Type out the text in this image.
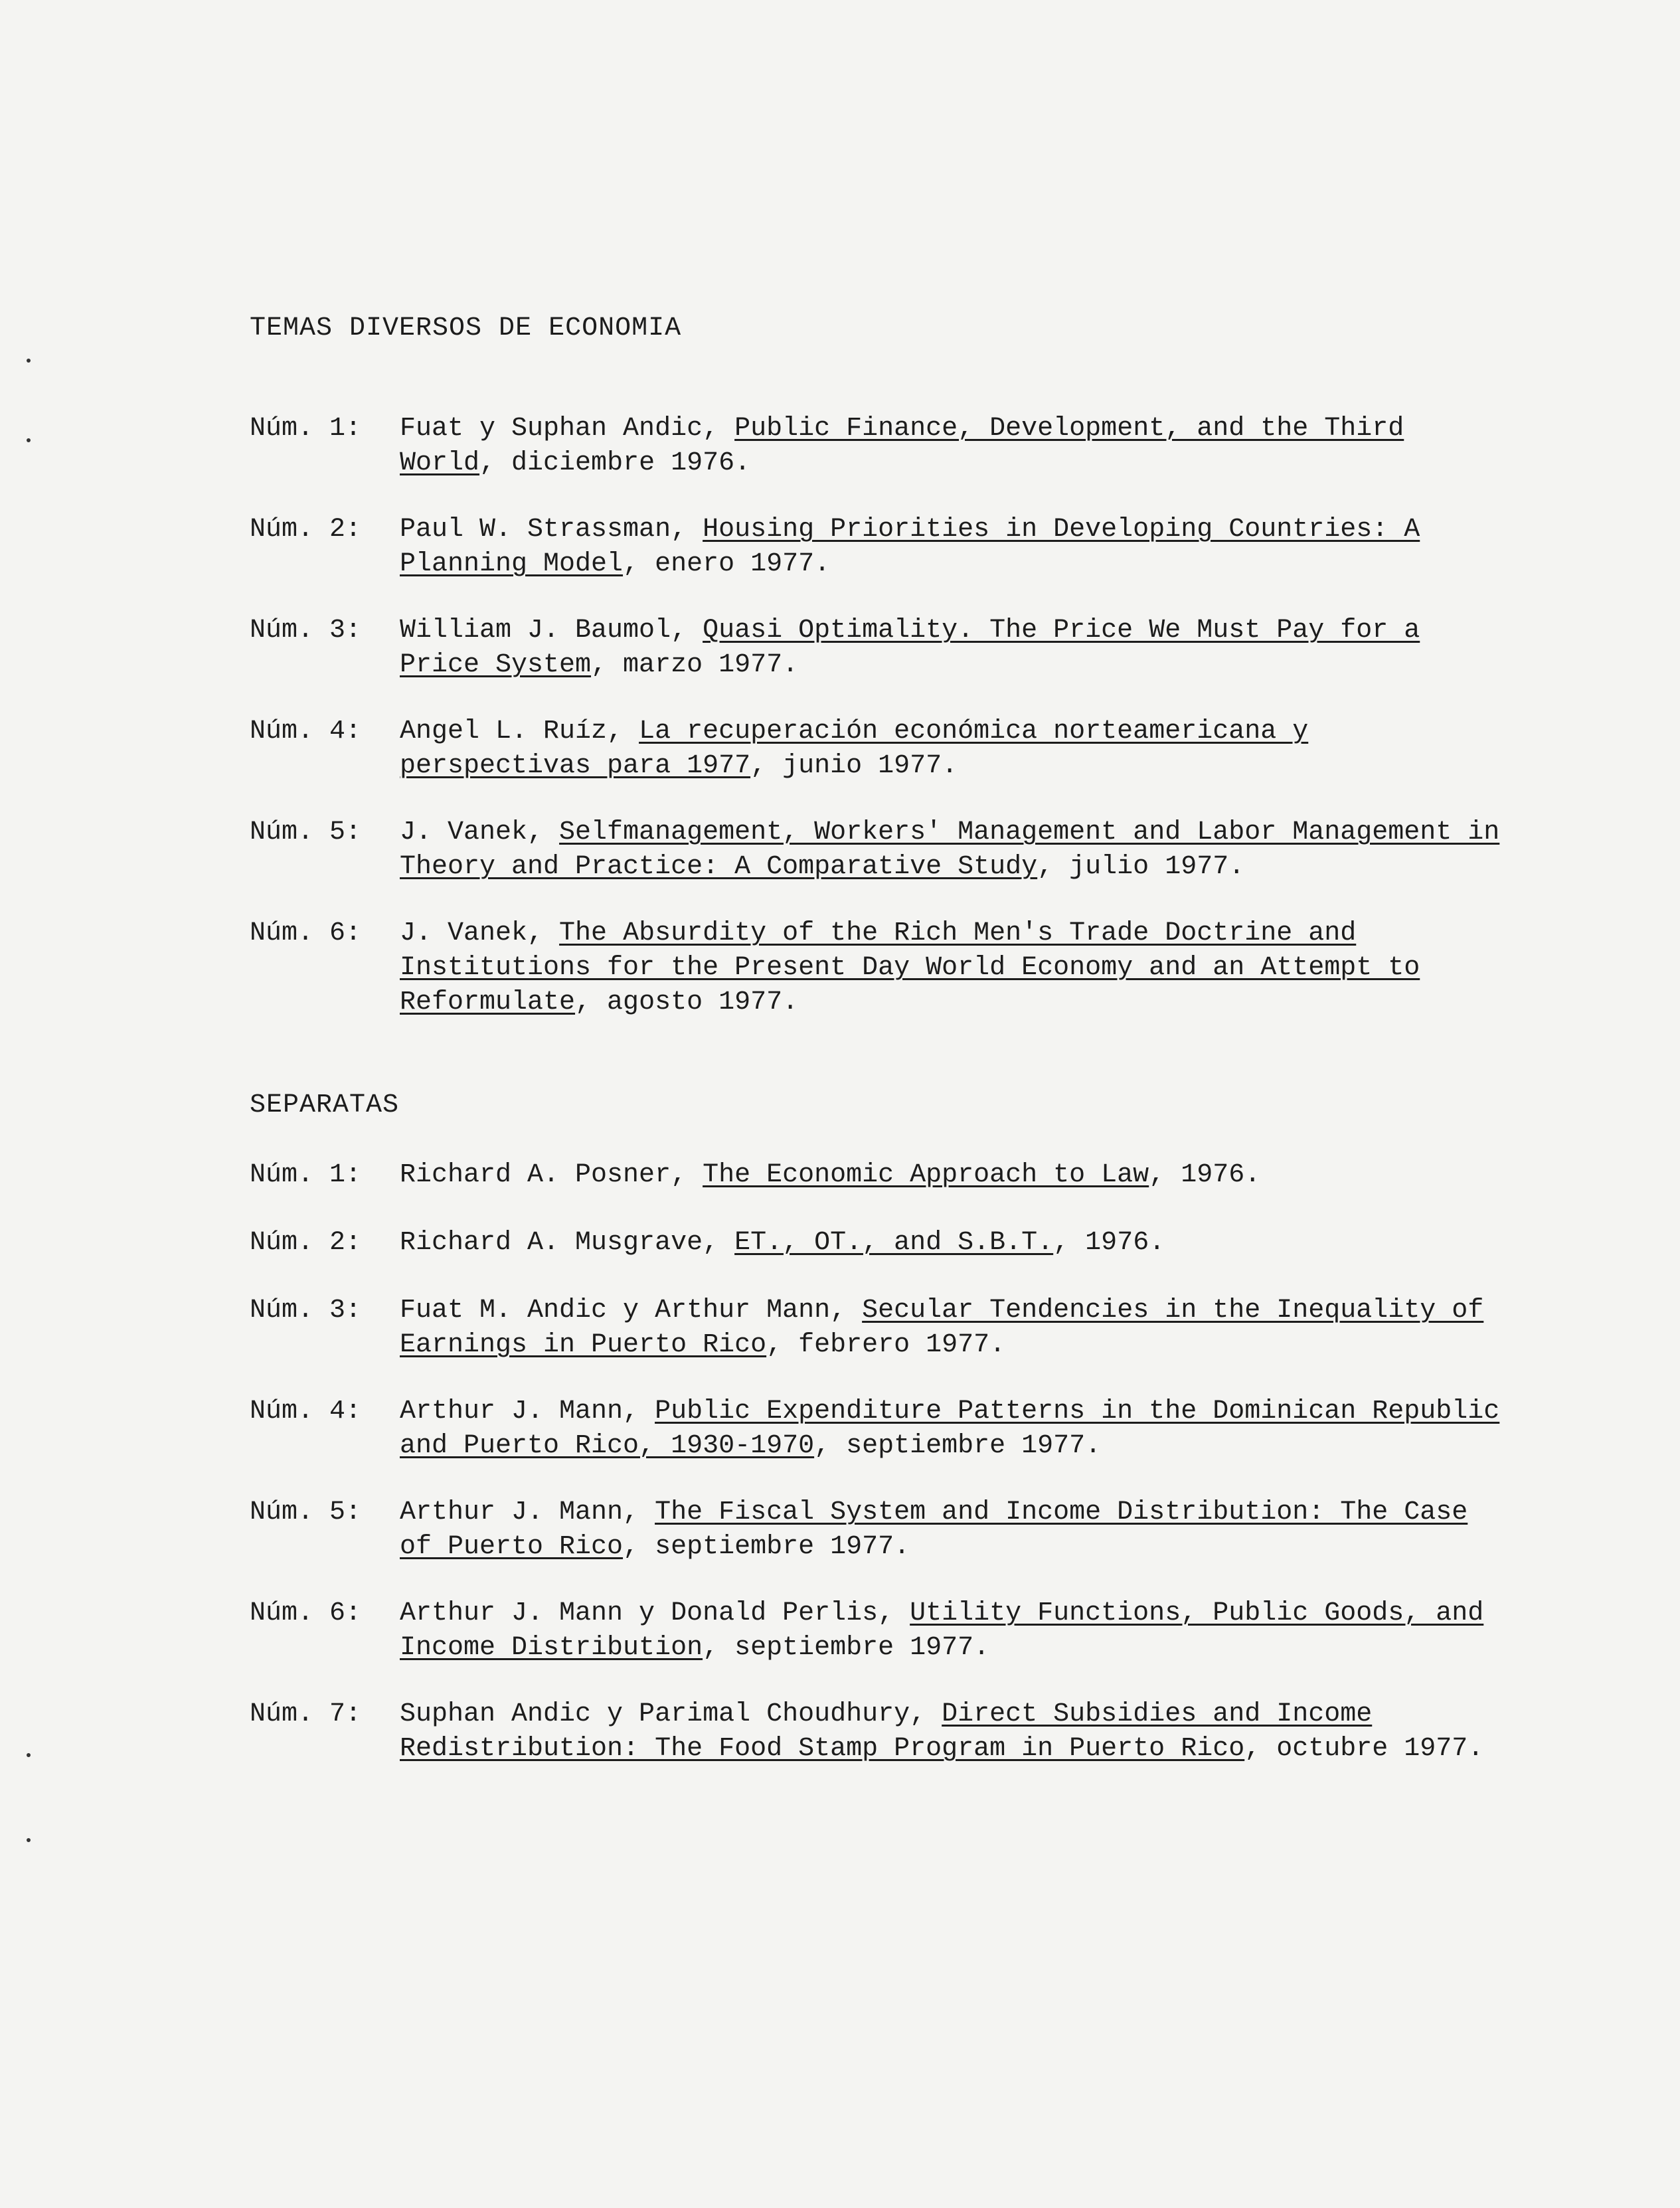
TEMAS DIVERSOS DE ECONOMIA
Núm. 1: Fuat y Suphan Andic, Public Finance, Development, and the Third World, diciembre 1976.
Núm. 2: Paul W. Strassman, Housing Priorities in Developing Countries: A Planning Model, enero 1977.
Núm. 3: William J. Baumol, Quasi Optimality. The Price We Must Pay for a Price System, marzo 1977.
Núm. 4: Angel L. Ruíz, La recuperación económica norteamericana y perspectivas para 1977, junio 1977.
Núm. 5: J. Vanek, Selfmanagement, Workers' Management and Labor Management in Theory and Practice: A Comparative Study, julio 1977.
Núm. 6: J. Vanek, The Absurdity of the Rich Men's Trade Doctrine and Institutions for the Present Day World Economy and an Attempt to Reformulate, agosto 1977.
SEPARATAS
Núm. 1: Richard A. Posner, The Economic Approach to Law, 1976.
Núm. 2: Richard A. Musgrave, ET., OT., and S.B.T., 1976.
Núm. 3: Fuat M. Andic y Arthur Mann, Secular Tendencies in the Inequality of Earnings in Puerto Rico, febrero 1977.
Núm. 4: Arthur J. Mann, Public Expenditure Patterns in the Dominican Republic and Puerto Rico, 1930-1970, septiembre 1977.
Núm. 5: Arthur J. Mann, The Fiscal System and Income Distribution: The Case of Puerto Rico, septiembre 1977.
Núm. 6: Arthur J. Mann y Donald Perlis, Utility Functions, Public Goods, and Income Distribution, septiembre 1977.
Núm. 7: Suphan Andic y Parimal Choudhury, Direct Subsidies and Income Redistribution: The Food Stamp Program in Puerto Rico, octubre 1977.
